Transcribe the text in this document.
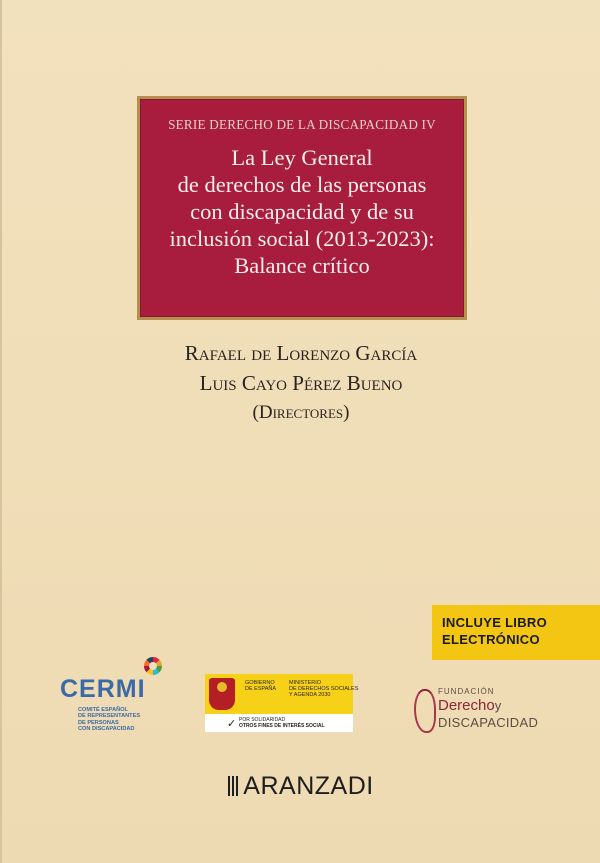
SERIE DERECHO DE LA DISCAPACIDAD IV
La Ley General
de derechos de las personas
con discapacidad y de su
inclusión social (2013-2023):
Balance crítico
Rafael de Lorenzo García
Luis Cayo Pérez Bueno
(Directores)
INCLUYE LIBRO
ELECTRÓNICO
CERMI
COMITÉ ESPAÑOL
DE REPRESENTANTES
DE PERSONAS
CON DISCAPACIDAD
GOBIERNO
DE ESPAÑA
MINISTERIO
DE DERECHOS SOCIALES
Y AGENDA 2030
✓ POR SOLIDARIDAD
OTROS FINES DE INTERÉS SOCIAL
FUNDACIÓN
Derechoy
DISCAPACIDAD
ARANZADI
